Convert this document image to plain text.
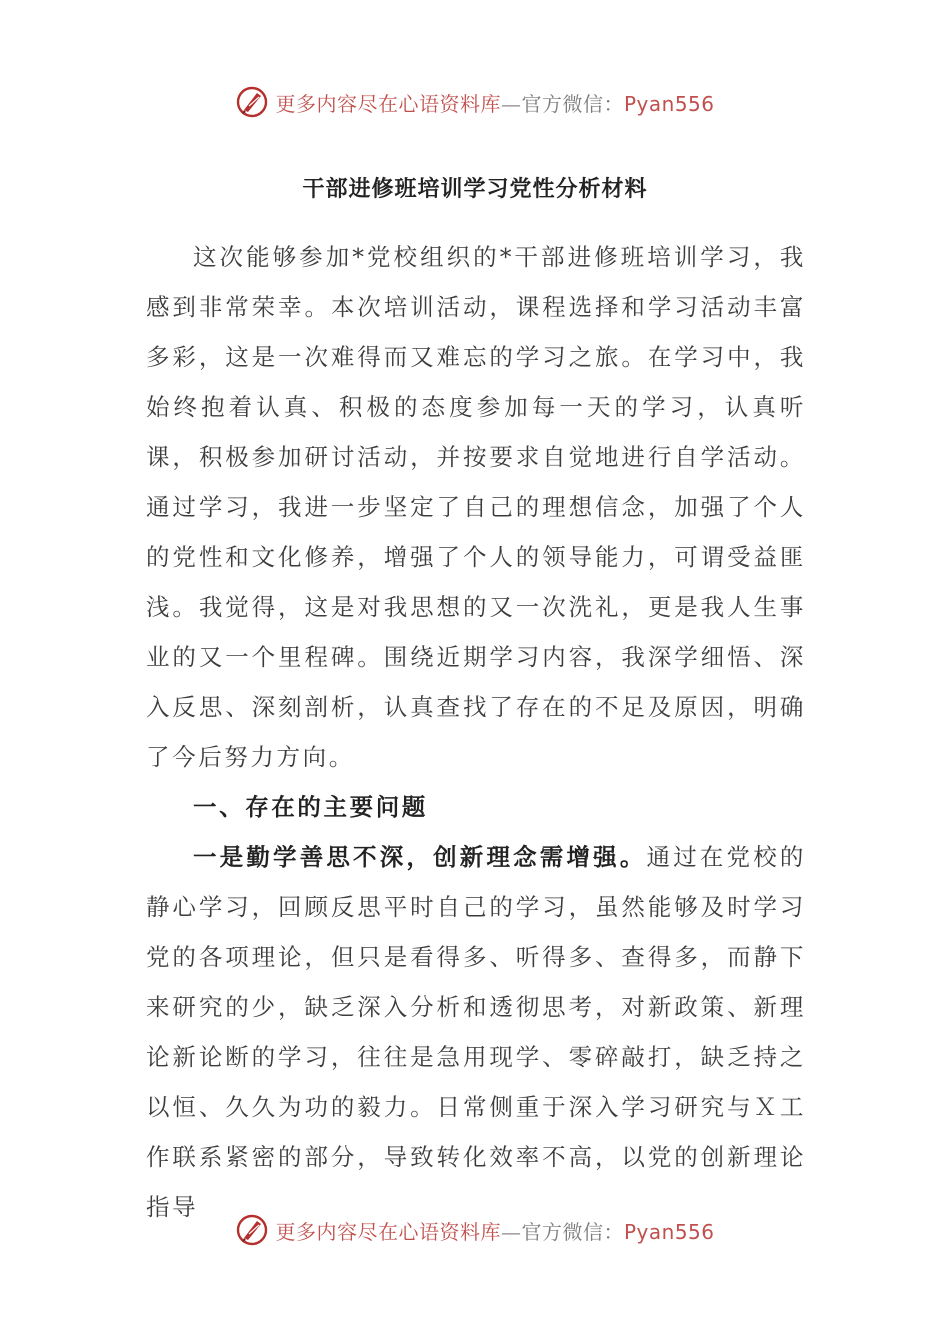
更多内容尽在心语资料库—官方微信：Pyan556
干部进修班培训学习党性分析材料

这次能够参加*党校组织的*干部进修班培训学习，我感到非常荣幸。本次培训活动，课程选择和学习活动丰富多彩，这是一次难得而又难忘的学习之旅。在学习中，我始终抱着认真、积极的态度参加每一天的学习，认真听课，积极参加研讨活动，并按要求自觉地进行自学活动。通过学习，我进一步坚定了自己的理想信念，加强了个人的党性和文化修养，增强了个人的领导能力，可谓受益匪浅。我觉得，这是对我思想的又一次洗礼，更是我人生事业的又一个里程碑。围绕近期学习内容，我深学细悟、深入反思、深刻剖析，认真查找了存在的不足及原因，明确了今后努力方向。

一、存在的主要问题

一是勤学善思不深，创新理念需增强。通过在党校的静心学习，回顾反思平时自己的学习，虽然能够及时学习党的各项理论，但只是看得多、听得多、查得多，而静下来研究的少，缺乏深入分析和透彻思考，对新政策、新理论新论断的学习，往往是急用现学、零碎敲打，缺乏持之以恒、久久为功的毅力。日常侧重于深入学习研究与Ｘ工作联系紧密的部分，导致转化效率不高，以党的创新理论指导

更多内容尽在心语资料库—官方微信：Pyan556
